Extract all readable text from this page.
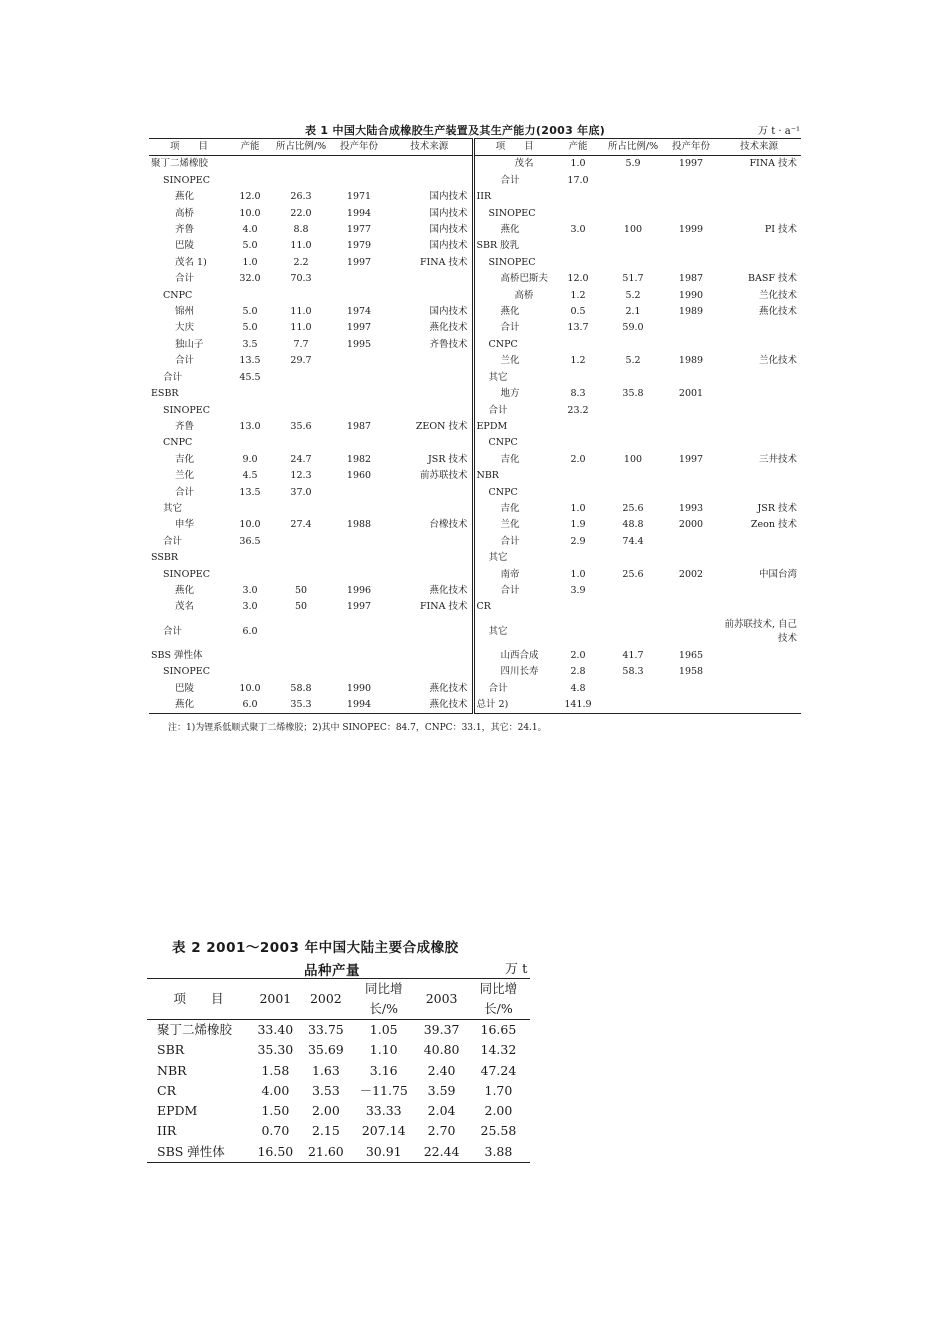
表 1 中国大陆合成橡胶生产装置及其生产能力(2003 年底)	万 t · a⁻¹
项　　目	产能	所占比例/%	投产年份	技术来源	项　　目	产能	所占比例/%	投产年份	技术来源
聚丁二烯橡胶					茂名	1.0	5.9	1997	FINA 技术
SINOPEC					合计	17.0			
燕化	12.0	26.3	1971	国内技术	IIR				
高桥	10.0	22.0	1994	国内技术	SINOPEC				
齐鲁	4.0	8.8	1977	国内技术	燕化	3.0	100	1999	PI 技术
巴陵	5.0	11.0	1979	国内技术	SBR 胶乳				
茂名 1)	1.0	2.2	1997	FINA 技术	SINOPEC				
合计	32.0	70.3			高桥巴斯夫	12.0	51.7	1987	BASF 技术
CNPC					高桥	1.2	5.2	1990	兰化技术
锦州	5.0	11.0	1974	国内技术	燕化	0.5	2.1	1989	燕化技术
大庆	5.0	11.0	1997	燕化技术	合计	13.7	59.0		
独山子	3.5	7.7	1995	齐鲁技术	CNPC				
合计	13.5	29.7			兰化	1.2	5.2	1989	兰化技术
合计	45.5				其它				
ESBR					地方	8.3	35.8	2001	
SINOPEC					合计	23.2			
齐鲁	13.0	35.6	1987	ZEON 技术	EPDM				
CNPC					CNPC				
吉化	9.0	24.7	1982	JSR 技术	吉化	2.0	100	1997	三井技术
兰化	4.5	12.3	1960	前苏联技术	NBR				
合计	13.5	37.0			CNPC				
其它					吉化	1.0	25.6	1993	JSR 技术
申华	10.0	27.4	1988	台橡技术	兰化	1.9	48.8	2000	Zeon 技术
合计	36.5				合计	2.9	74.4		
SSBR					其它				
SINOPEC					南帝	1.0	25.6	2002	中国台湾
燕化	3.0	50	1996	燕化技术	合计	3.9			
茂名	3.0	50	1997	FINA 技术	CR				
合计	6.0				其它				前苏联技术, 自己技术
SBS 弹性体					山西合成	2.0	41.7	1965	
SINOPEC					四川长寿	2.8	58.3	1958	
巴陵	10.0	58.8	1990	燕化技术	合计	4.8			
燕化	6.0	35.3	1994	燕化技术	总计 2)	141.9			
注：1)为锂系低顺式聚丁二烯橡胶；2)其中 SINOPEC：84.7，CNPC：33.1，其它：24.1。
表 2 2001～2003 年中国大陆主要合成橡胶
品种产量	万 t
项　　目	2001	2002	同比增	2003	同比增
			长/%		长/%
聚丁二烯橡胶	33.40	33.75	1.05	39.37	16.65
SBR	35.30	35.69	1.10	40.80	14.32
NBR	1.58	1.63	3.16	2.40	47.24
CR	4.00	3.53	－11.75	3.59	1.70
EPDM	1.50	2.00	33.33	2.04	2.00
IIR	0.70	2.15	207.14	2.70	25.58
SBS 弹性体	16.50	21.60	30.91	22.44	3.88
